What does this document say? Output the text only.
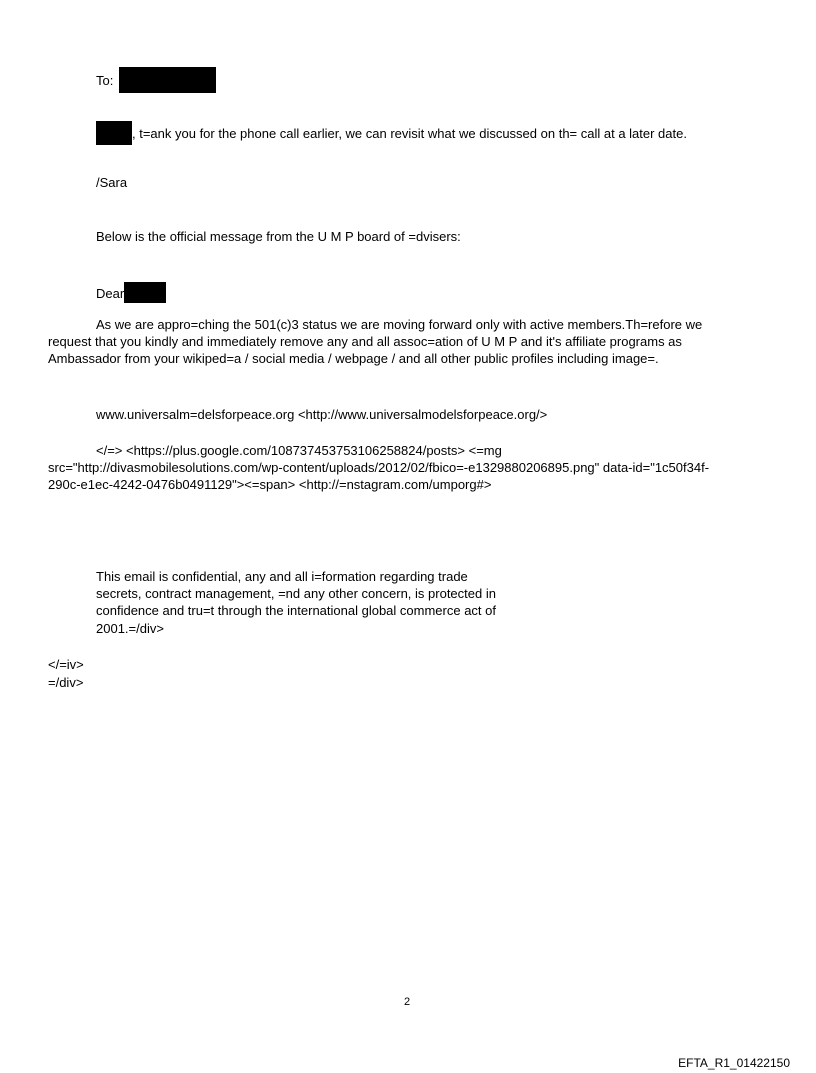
To:
, t=ank you for the phone call earlier, we can revisit what we discussed on th= call at a later date.
/Sara
Below is the official message from the U M P board of =dvisers:
Dear
As we are appro=ching the 501(c)3 status we are moving forward only with active members.Th=refore we
request that you kindly and immediately remove any and all assoc=ation of U M P and it's affiliate programs as
Ambassador from your wikiped=a / social media / webpage / and all other public profiles including image=.
www.universalm=delsforpeace.org <http://www.universalmodelsforpeace.org/>
</=> <https://plus.google.com/108737453753106258824/posts> <=mg
src="http://divasmobilesolutions.com/wp-content/uploads/2012/02/fbico=-e1329880206895.png" data-id="1c50f34f-
290c-e1ec-4242-0476b0491129"><=span> <http://=nstagram.com/umporg#>
This email is confidential, any and all i=formation regarding trade
secrets, contract management, =nd any other concern, is protected in
confidence and tru=t through the international global commerce act of
2001.=/div>
</=iv>
=/div>
2
EFTA_R1_01422150
